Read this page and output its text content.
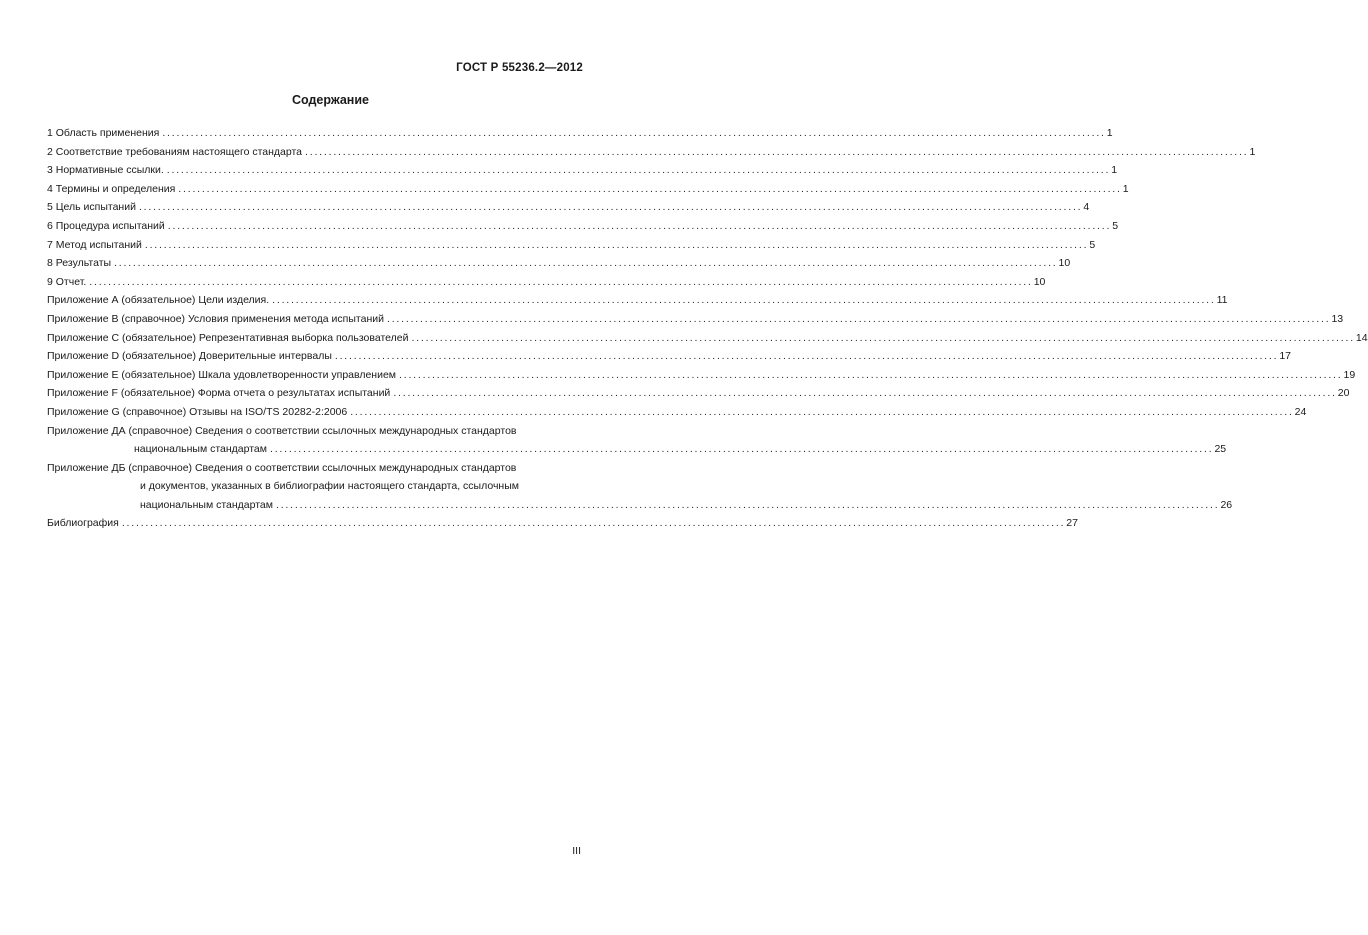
ГОСТ Р 55236.2—2012
Содержание
1 Область применения ........................................................................................................................................................................................................ 1
2 Соответствие требованиям настоящего стандарта ........................................................................................................................................................................................................ 1
3 Нормативные ссылки. ........................................................................................................................................................................................................ 1
4 Термины и определения ........................................................................................................................................................................................................ 1
5 Цель испытаний ........................................................................................................................................................................................................ 4
6 Процедура испытаний ........................................................................................................................................................................................................ 5
7 Метод испытаний ........................................................................................................................................................................................................ 5
8 Результаты ........................................................................................................................................................................................................ 10
9 Отчет. ........................................................................................................................................................................................................ 10
Приложение А (обязательное) Цели изделия. ........................................................................................................................................................................................................ 11
Приложение В (справочное) Условия применения метода испытаний ........................................................................................................................................................................................................ 13
Приложение С (обязательное) Репрезентативная выборка пользователей ........................................................................................................................................................................................................ 14
Приложение D (обязательное) Доверительные интервалы ........................................................................................................................................................................................................ 17
Приложение Е (обязательное) Шкала удовлетворенности управлением ........................................................................................................................................................................................................ 19
Приложение F (обязательное) Форма отчета о результатах испытаний ........................................................................................................................................................................................................ 20
Приложение G (справочное) Отзывы на ISO/TS 20282-2:2006 ........................................................................................................................................................................................................ 24
Приложение ДА (справочное) Сведения о соответствии ссылочных международных стандартов
национальным стандартам ........................................................................................................................................................................................................ 25
Приложение ДБ (справочное) Сведения о соответствии ссылочных международных стандартов
и документов, указанных в библиографии настоящего стандарта, ссылочным
национальным стандартам ........................................................................................................................................................................................................ 26
Библиография ........................................................................................................................................................................................................ 27
III
